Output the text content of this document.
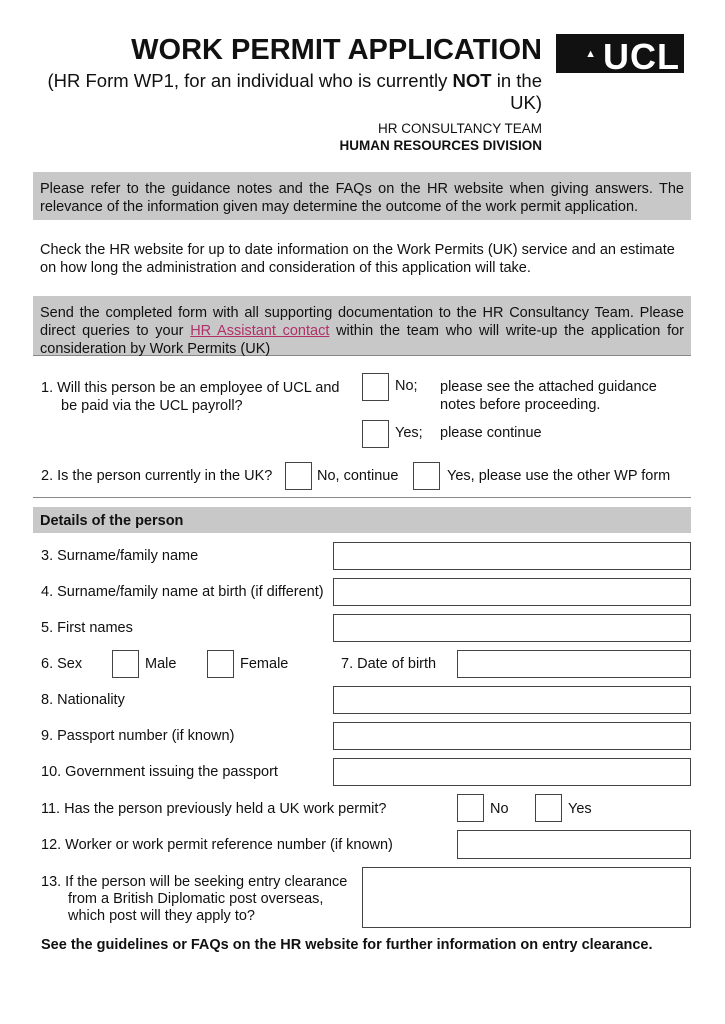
WORK PERMIT APPLICATION
(HR Form WP1, for an individual who is currently NOT in the UK)
HR CONSULTANCY TEAM
HUMAN RESOURCES DIVISION
▲ UCL
Please refer to the guidance notes and the FAQs on the HR website when giving answers. The relevance of the information given may determine the outcome of the work permit application.
Check the HR website for up to date information on the Work Permits (UK) service and an estimate on how long the administration and consideration of this application will take.
Send the completed form with all supporting documentation to the HR Consultancy Team. Please direct queries to your HR Assistant contact within the team who will write-up the application for consideration by Work Permits (UK)
1. Will this person be an employee of UCL and
be paid via the UCL payroll?
No; please see the attached guidance
notes before proceeding.
Yes; please continue
2. Is the person currently in the UK?	No, continue	Yes, please use the other WP form
Details of the person
3. Surname/family name
4. Surname/family name at birth (if different)
5. First names
6. Sex	Male	Female	7. Date of birth
8. Nationality
9. Passport number (if known)
10. Government issuing the passport
11. Has the person previously held a UK work permit?	No	Yes
12. Worker or work permit reference number (if known)
13. If the person will be seeking entry clearance
from a British Diplomatic post overseas,
which post will they apply to?
See the guidelines or FAQs on the HR website for further information on entry clearance.
